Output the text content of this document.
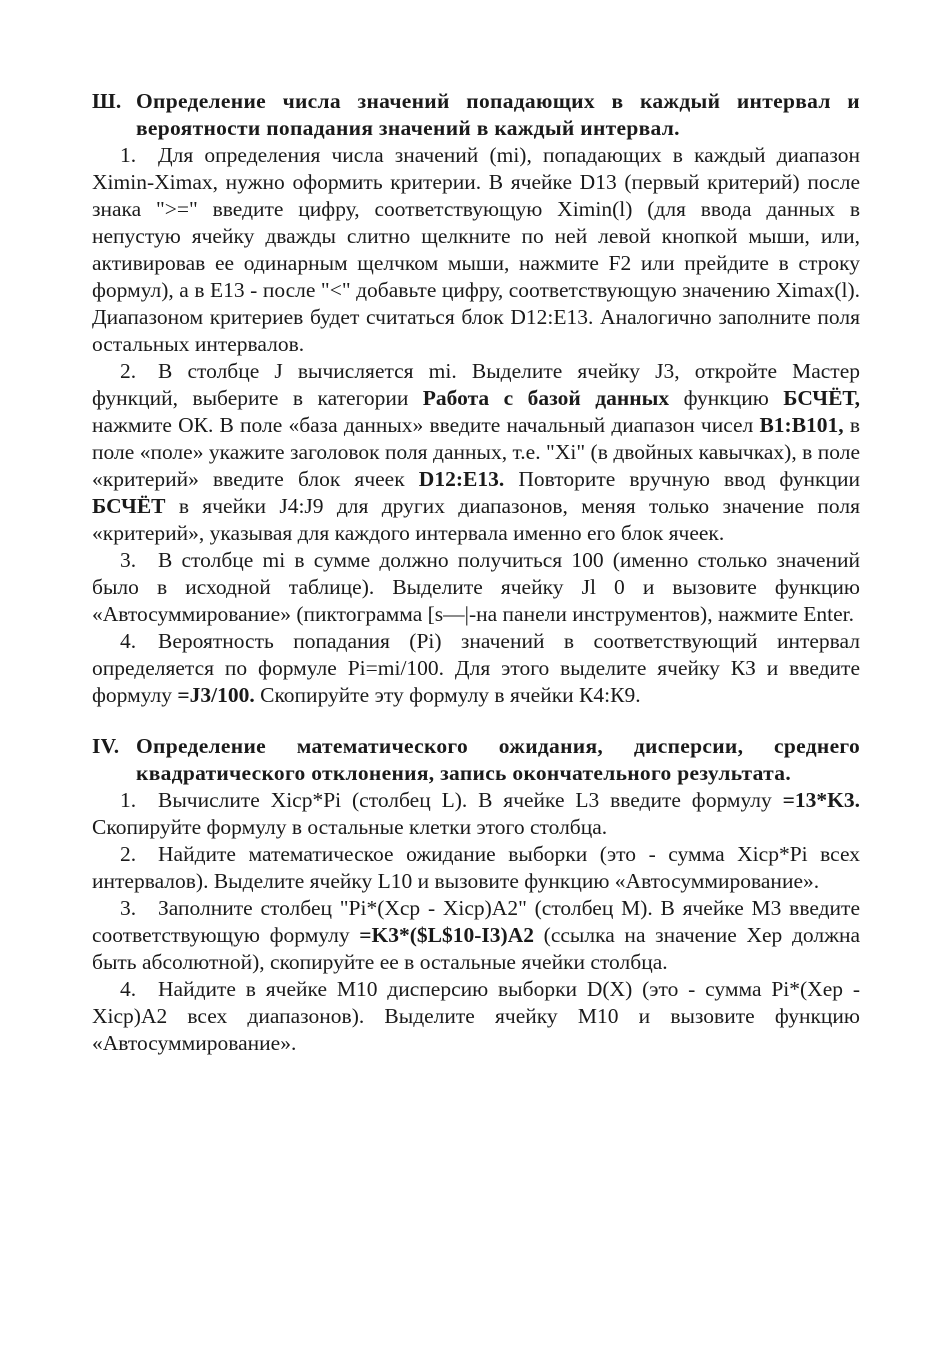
Ш. Определение числа значений попадающих в каждый интервал и вероятности попадания значений в каждый интервал.

1. Для определения числа значений (mi), попадающих в каждый диапазон Ximin-Ximax, нужно оформить критерии. В ячейке D13 (первый критерий) после знака ">=" введите цифру, соответствующую Ximin(l) (для ввода данных в непустую ячейку дважды слитно щелкните по ней левой кнопкой мыши, или, активировав ее одинарным щелчком мыши, нажмите F2 или прейдите в строку формул), а в Е13 - после "<" добавьте цифру, соответствующую значению Ximax(l). Диапазоном критериев будет считаться блок D12:E13. Аналогично заполните поля остальных интервалов.

2. В столбце J вычисляется mi. Выделите ячейку J3, откройте Мастер функций, выберите в категории Работа с базой данных функцию БСЧЁТ, нажмите ОК. В поле «база данных» введите начальный диапазон чисел B1:B101, в поле «поле» укажите заголовок поля данных, т.е. "Xi" (в двойных кавычках), в поле «критерий» введите блок ячеек D12:E13. Повторите вручную ввод функции БСЧЁТ в ячейки J4:J9 для других диапазонов, меняя только значение поля «критерий», указывая для каждого интервала именно его блок ячеек.

3. В столбце mi в сумме должно получиться 100 (именно столько значений было в исходной таблице). Выделите ячейку Jl 0 и вызовите функцию «Автосуммирование» (пиктограмма [s—|-на панели инструментов), нажмите Enter.

4. Вероятность попадания (Pi) значений в соответствующий интервал определяется по формуле Pi=mi/100. Для этого выделите ячейку КЗ и введите формулу =J3/100. Скопируйте эту формулу в ячейки К4:К9.

IV. Определение математического ожидания, дисперсии, среднего квадратического отклонения, запись окончательного результата.

1. Вычислите Xicp*Pi (столбец L). В ячейке L3 введите формулу =13*K3. Скопируйте формулу в остальные клетки этого столбца.

2. Найдите математическое ожидание выборки (это - сумма Xicp*Pi всех интервалов). Выделите ячейку L10 и вызовите функцию «Автосуммирование».

3. Заполните столбец "Pi*(Xcp - Xicp)A2" (столбец М). В ячейке М3 введите соответствующую формулу =K3*($L$10-I3)A2 (ссылка на значение Хер должна быть абсолютной), скопируйте ее в остальные ячейки столбца.

4. Найдите в ячейке М10 дисперсию выборки D(X) (это - сумма Pi*(Xep - Xicp)A2 всех диапазонов). Выделите ячейку М10 и вызовите функцию «Автосуммирование».
